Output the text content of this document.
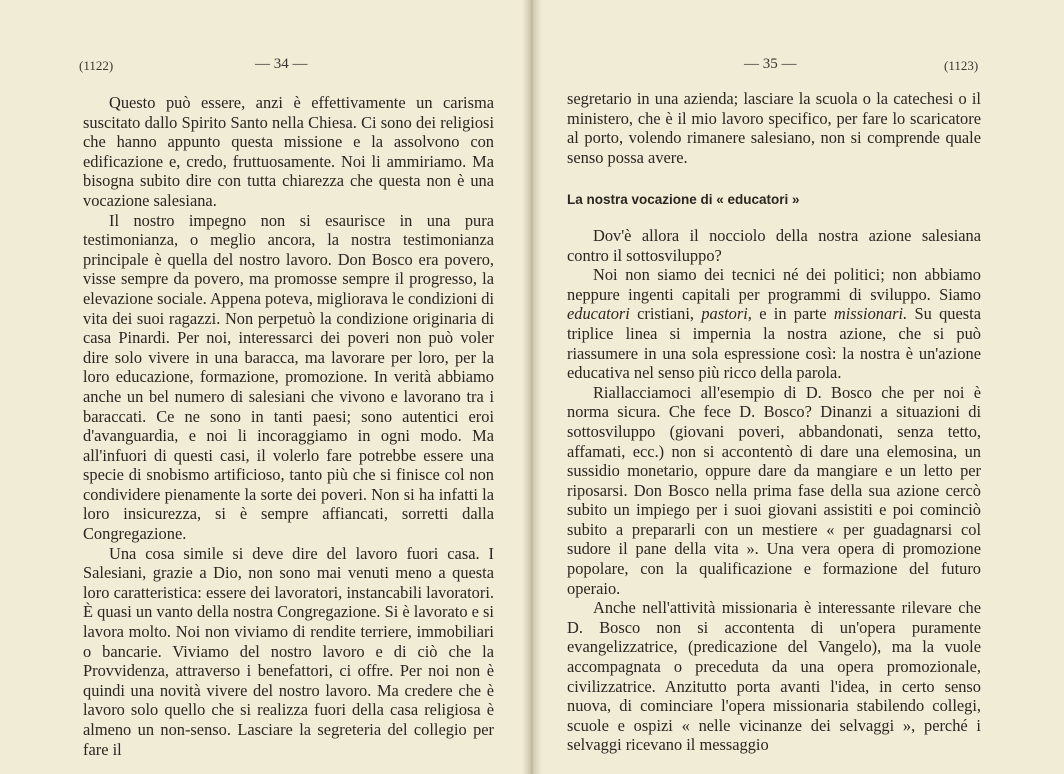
(1122)	— 34 —

Questo può essere, anzi è effettivamente un carisma suscitato dallo Spirito Santo nella Chiesa. Ci sono dei religiosi che hanno appunto questa missione e la assolvono con edificazione e, credo, fruttuosamente. Noi li ammiriamo. Ma bisogna subito dire con tutta chiarezza che questa non è una vocazione salesiana.

Il nostro impegno non si esaurisce in una pura testimonianza, o meglio ancora, la nostra testimonianza principale è quella del nostro lavoro. Don Bosco era povero, visse sempre da povero, ma promosse sempre il progresso, la elevazione sociale. Appena poteva, migliorava le condizioni di vita dei suoi ragazzi. Non perpetuò la condizione originaria di casa Pinardi. Per noi, interessarci dei poveri non può voler dire solo vivere in una baracca, ma lavorare per loro, per la loro educazione, formazione, promozione. In verità abbiamo anche un bel numero di salesiani che vivono e lavorano tra i baraccati. Ce ne sono in tanti paesi; sono autentici eroi d'avanguardia, e noi li incoraggiamo in ogni modo. Ma all'infuori di questi casi, il volerlo fare potrebbe essere una specie di snobismo artificioso, tanto più che si finisce col non condividere pienamente la sorte dei poveri. Non si ha infatti la loro insicurezza, si è sempre affiancati, sorretti dalla Congregazione.

Una cosa simile si deve dire del lavoro fuori casa. I Salesiani, grazie a Dio, non sono mai venuti meno a questa loro caratteristica: essere dei lavoratori, instancabili lavoratori. È quasi un vanto della nostra Congregazione. Si è lavorato e si lavora molto. Noi non viviamo di rendite terriere, immobiliari o bancarie. Viviamo del nostro lavoro e di ciò che la Provvidenza, attraverso i benefattori, ci offre. Per noi non è quindi una novità vivere del nostro lavoro. Ma credere che è lavoro solo quello che si realizza fuori della casa religiosa è almeno un non-senso. Lasciare la segreteria del collegio per fare il

— 35 —	(1123)

segretario in una azienda; lasciare la scuola o la catechesi o il ministero, che è il mio lavoro specifico, per fare lo scaricatore al porto, volendo rimanere salesiano, non si comprende quale senso possa avere.

La nostra vocazione di « educatori »

Dov'è allora il nocciolo della nostra azione salesiana contro il sottosviluppo?

Noi non siamo dei tecnici né dei politici; non abbiamo neppure ingenti capitali per programmi di sviluppo. Siamo educatori cristiani, pastori, e in parte missionari. Su questa triplice linea si impernia la nostra azione, che si può riassumere in una sola espressione così: la nostra è un'azione educativa nel senso più ricco della parola.

Riallacciamoci all'esempio di D. Bosco che per noi è norma sicura. Che fece D. Bosco? Dinanzi a situazioni di sottosviluppo (giovani poveri, abbandonati, senza tetto, affamati, ecc.) non si accontentò di dare una elemosina, un sussidio monetario, oppure dare da mangiare e un letto per riposarsi. Don Bosco nella prima fase della sua azione cercò subito un impiego per i suoi giovani assistiti e poi cominciò subito a prepararli con un mestiere « per guadagnarsi col sudore il pane della vita ». Una vera opera di promozione popolare, con la qualificazione e formazione del futuro operaio.

Anche nell'attività missionaria è interessante rilevare che D. Bosco non si accontenta di un'opera puramente evangelizzatrice, (predicazione del Vangelo), ma la vuole accompagnata o preceduta da una opera promozionale, civilizzatrice. Anzitutto porta avanti l'idea, in certo senso nuova, di cominciare l'opera missionaria stabilendo collegi, scuole e ospizi « nelle vicinanze dei selvaggi », perché i selvaggi ricevano il messaggio
